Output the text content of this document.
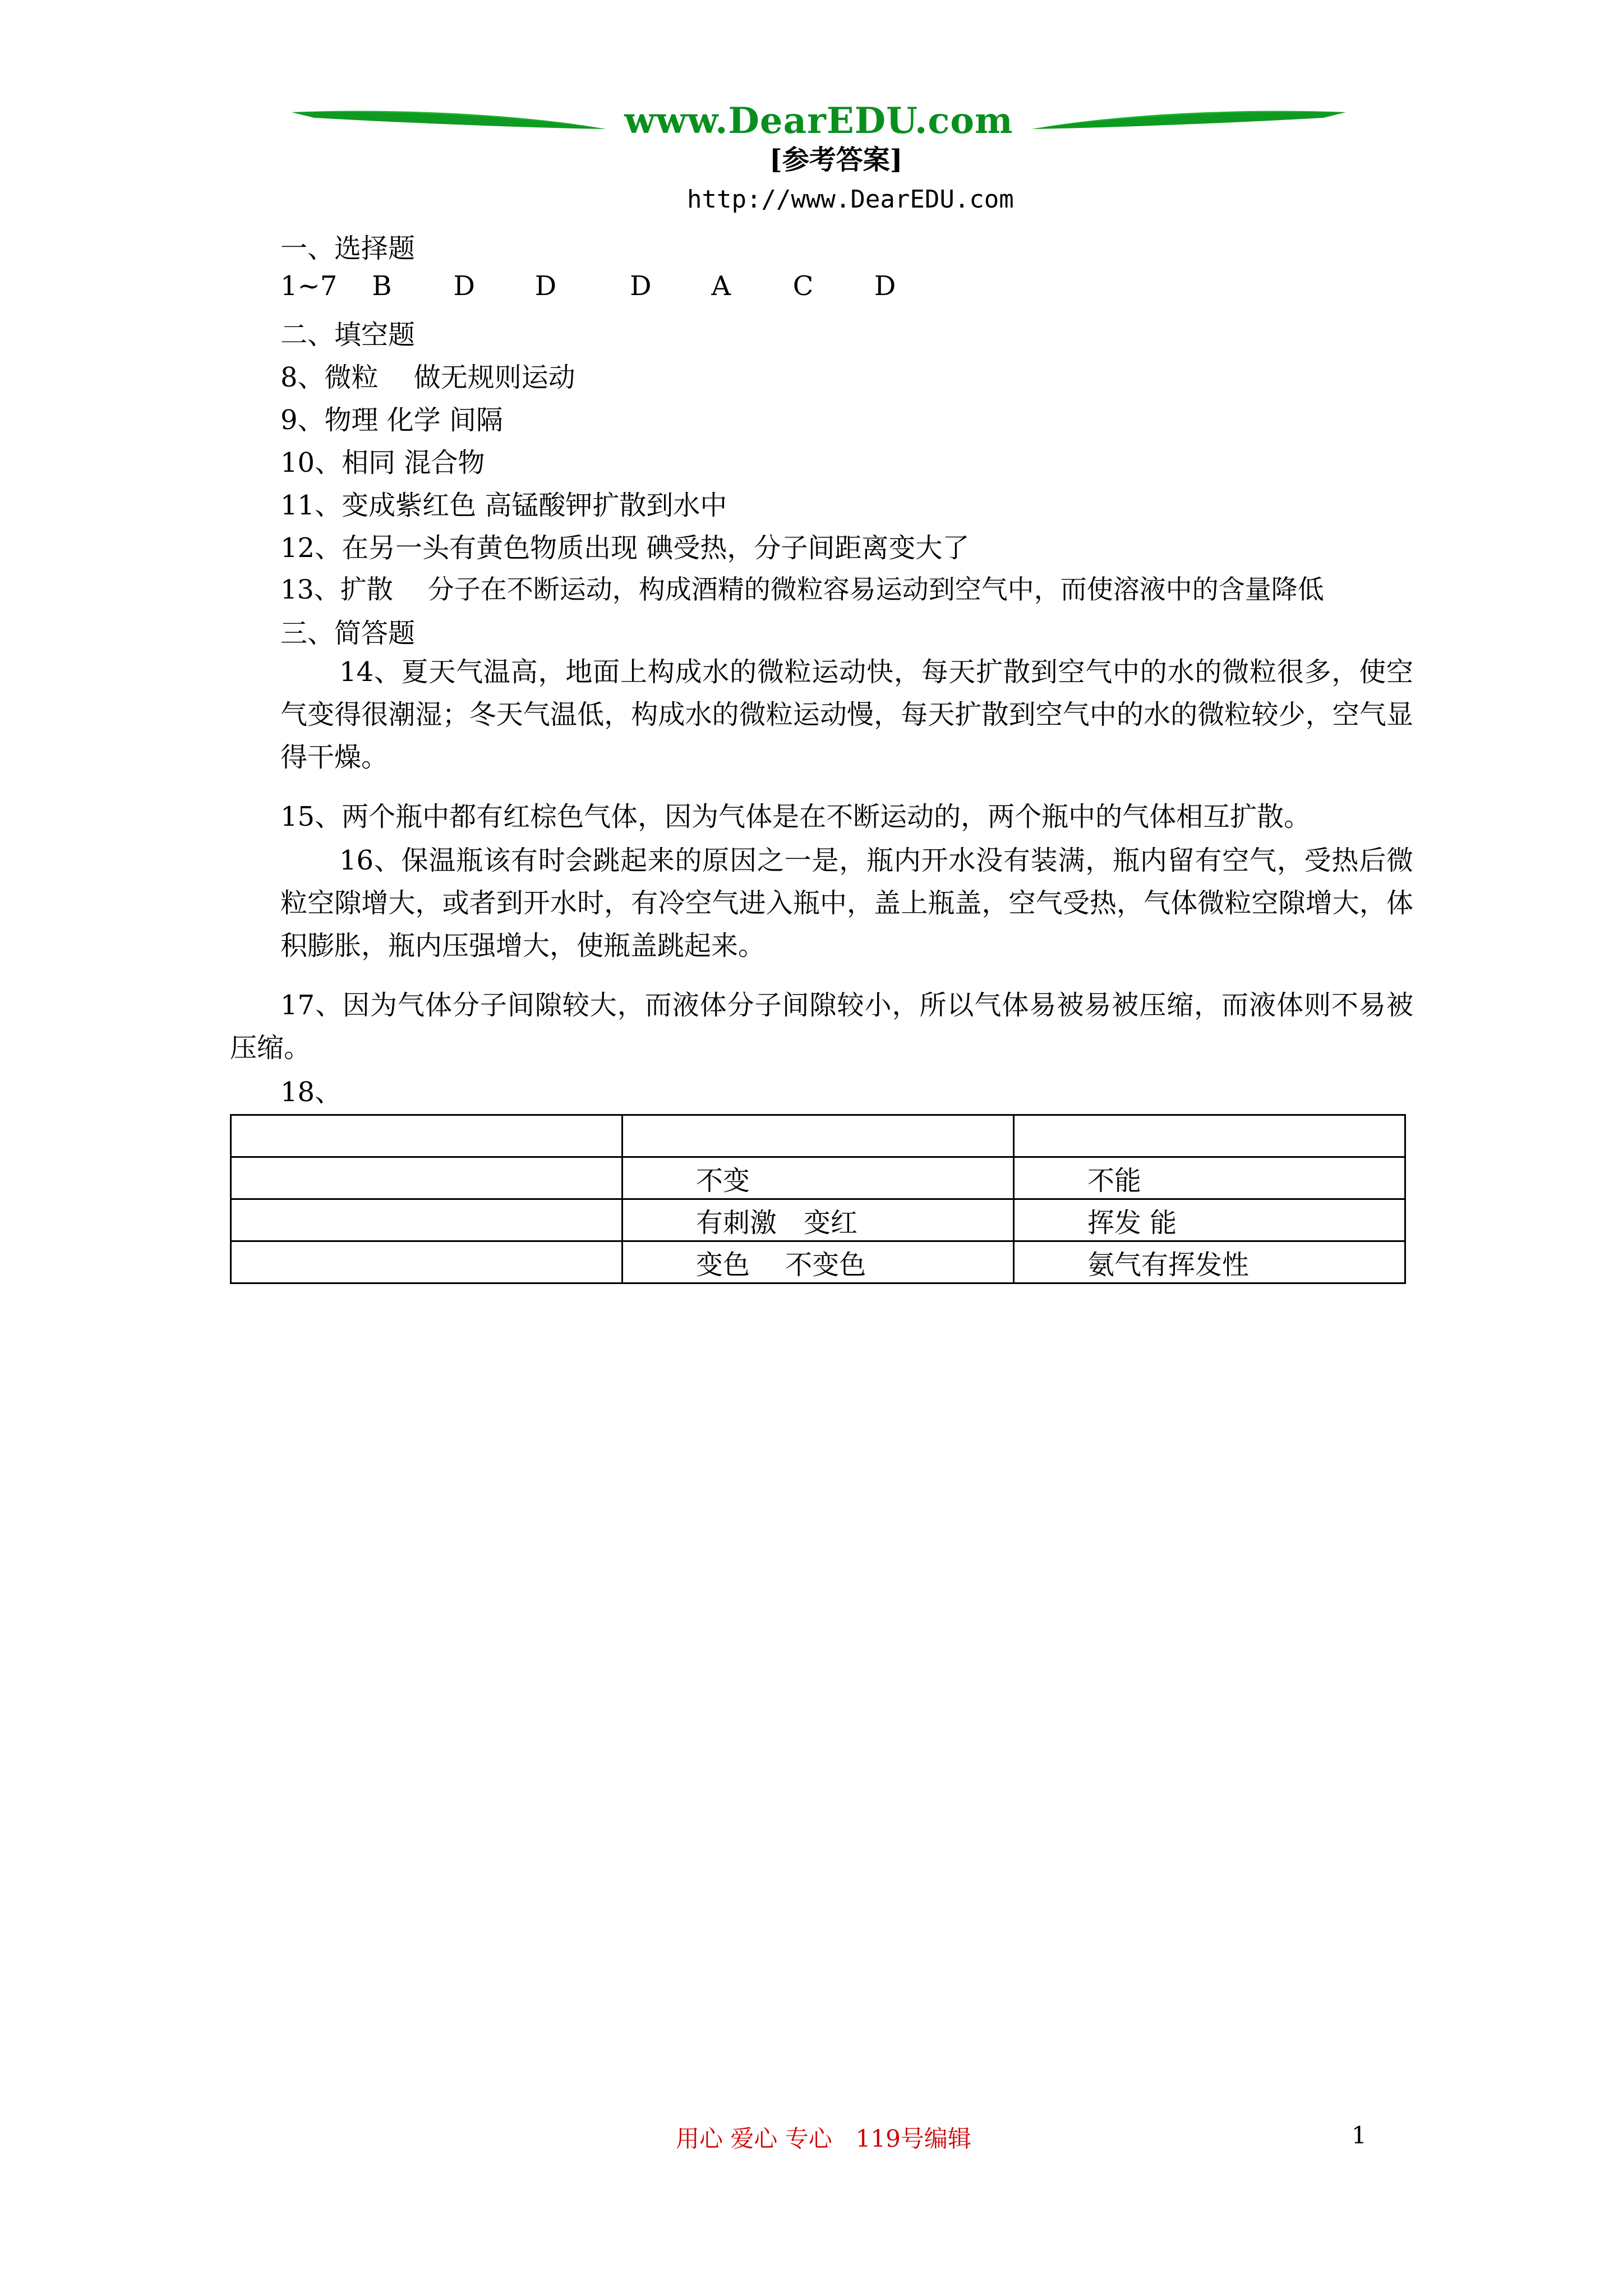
www.DearEDU.com
[参考答案]
http://www.DearEDU.com
一、选择题
1~7 B D D	D A C D
二、填空题
8、微粒　 做无规则运动
9、物理 化学 间隔
10、相同 混合物
11、变成紫红色 高锰酸钾扩散到水中
12、在另一头有黄色物质出现 碘受热，分子间距离变大了
13、扩散　 分子在不断运动，构成酒精的微粒容易运动到空气中，而使溶液中的含量降低
三、简答题
14、夏天气温高，地面上构成水的微粒运动快，每天扩散到空气中的水的微粒很多，使空气变得很潮湿；冬天气温低，构成水的微粒运动慢，每天扩散到空气中的水的微粒较少，空气显得干燥。
15、两个瓶中都有红棕色气体，因为气体是在不断运动的，两个瓶中的气体相互扩散。
16、保温瓶该有时会跳起来的原因之一是，瓶内开水没有装满，瓶内留有空气，受热后微粒空隙增大，或者到开水时，有冷空气进入瓶中，盖上瓶盖，空气受热，气体微粒空隙增大，体积膨胀，瓶内压强增大，使瓶盖跳起来。
17、因为气体分子间隙较大，而液体分子间隙较小，所以气体易被易被压缩，而液体则不易被压缩。
18、

	不变	不能

	有刺激　变红	挥发 能

	变色　 不变色	氨气有挥发性
用心 爱心 专心　119号编辑	1
